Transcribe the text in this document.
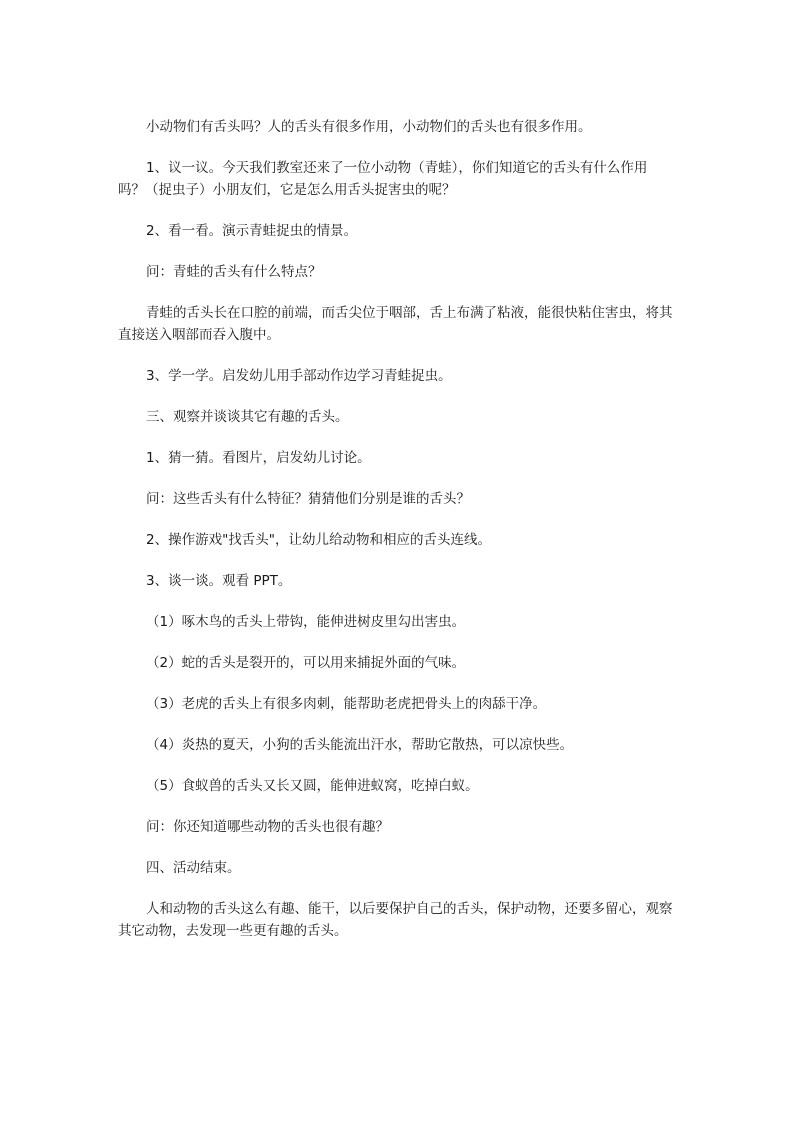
小动物们有舌头吗？人的舌头有很多作用，小动物们的舌头也有很多作用。

1、议一议。今天我们教室还来了一位小动物（青蛙），你们知道它的舌头有什么作用吗？（捉虫子）小朋友们，它是怎么用舌头捉害虫的呢？

2、看一看。演示青蛙捉虫的情景。

问：青蛙的舌头有什么特点？

青蛙的舌头长在口腔的前端，而舌尖位于咽部，舌上布满了粘液，能很快粘住害虫，将其直接送入咽部而吞入腹中。

3、学一学。启发幼儿用手部动作边学习青蛙捉虫。

三、观察并谈谈其它有趣的舌头。

1、猜一猜。看图片，启发幼儿讨论。

问：这些舌头有什么特征？猜猜他们分别是谁的舌头？

2、操作游戏"找舌头"，让幼儿给动物和相应的舌头连线。

3、谈一谈。观看 PPT。

（1）啄木鸟的舌头上带钩，能伸进树皮里勾出害虫。

（2）蛇的舌头是裂开的，可以用来捕捉外面的气味。

（3）老虎的舌头上有很多肉刺，能帮助老虎把骨头上的肉舔干净。

（4）炎热的夏天，小狗的舌头能流出汗水，帮助它散热，可以凉快些。

（5）食蚁兽的舌头又长又圆，能伸进蚁窝，吃掉白蚁。

问：你还知道哪些动物的舌头也很有趣？

四、活动结束。

人和动物的舌头这么有趣、能干，以后要保护自己的舌头，保护动物，还要多留心，观察其它动物，去发现一些更有趣的舌头。
